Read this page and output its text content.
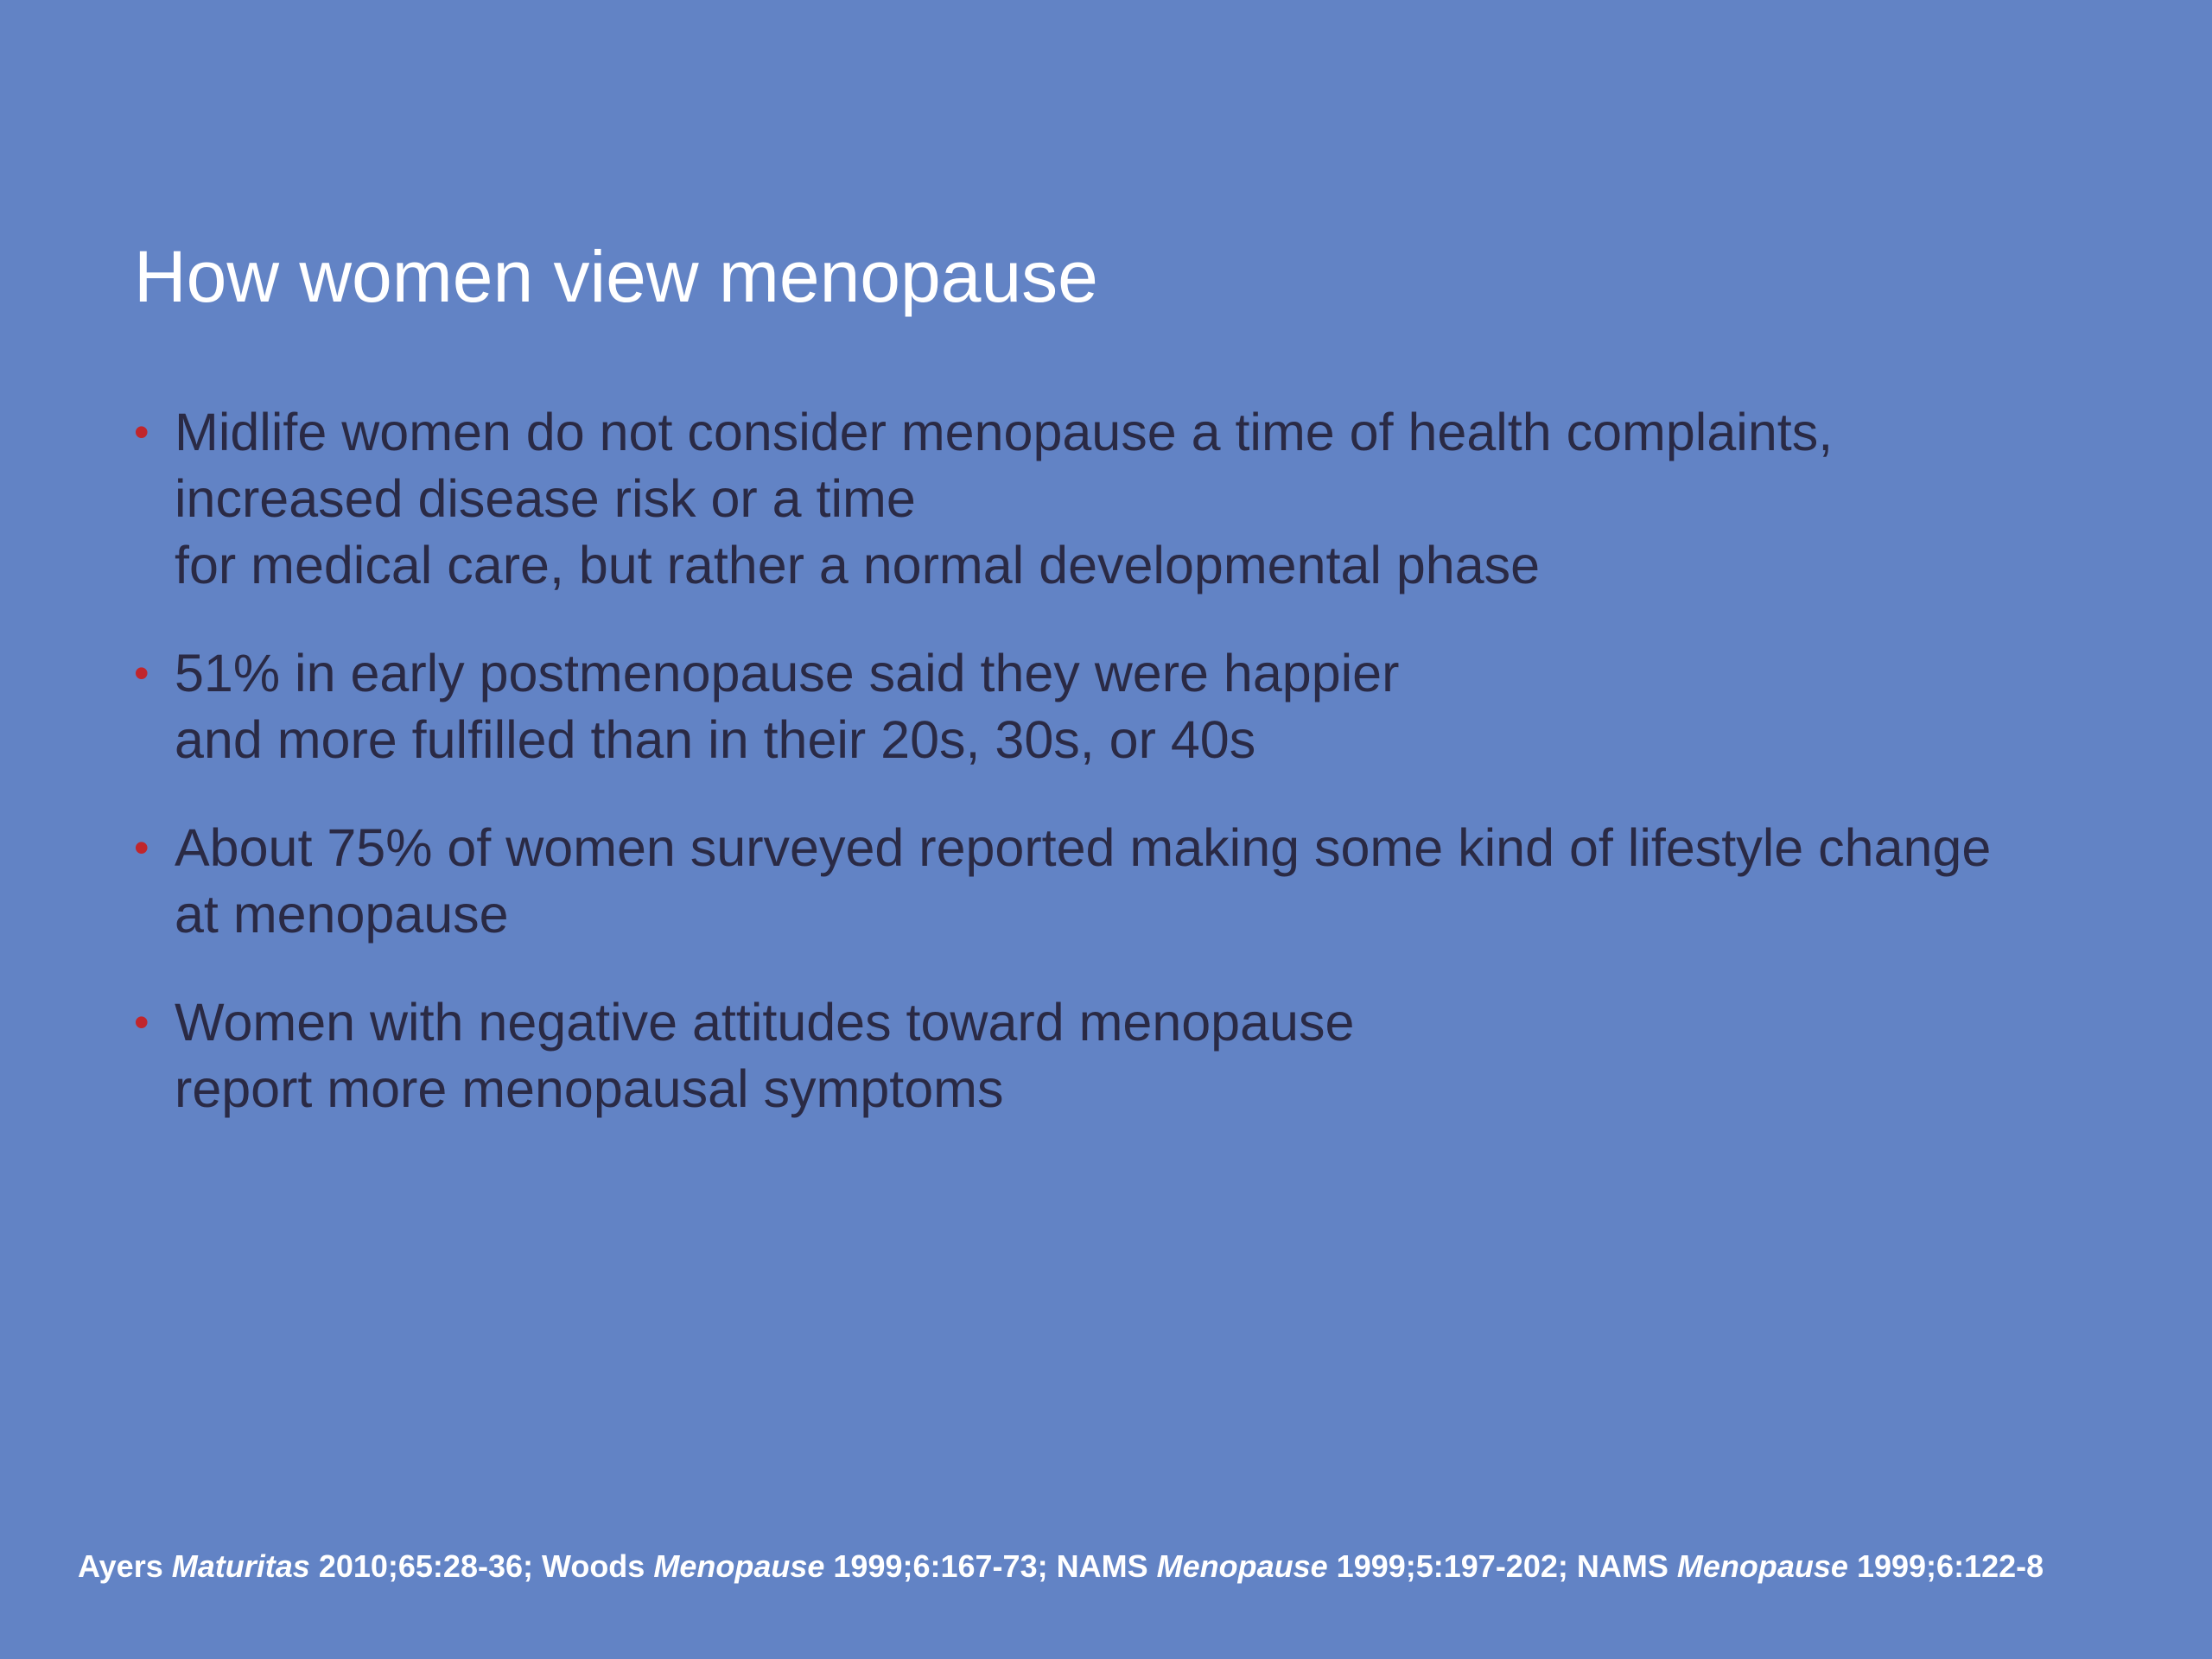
How women view menopause
• Midlife women do not consider menopause a time of health complaints,
increased disease risk or a time
for medical care, but rather a normal developmental phase
• 51% in early postmenopause said they were happier
and more fulfilled than in their 20s, 30s, or 40s
• About 75% of women surveyed reported making some kind of lifestyle change
at menopause
• Women with negative attitudes toward menopause
report more menopausal symptoms
Ayers Maturitas 2010;65:28-36; Woods Menopause 1999;6:167-73; NAMS Menopause 1999;5:197-202; NAMS Menopause 1999;6:122-8
